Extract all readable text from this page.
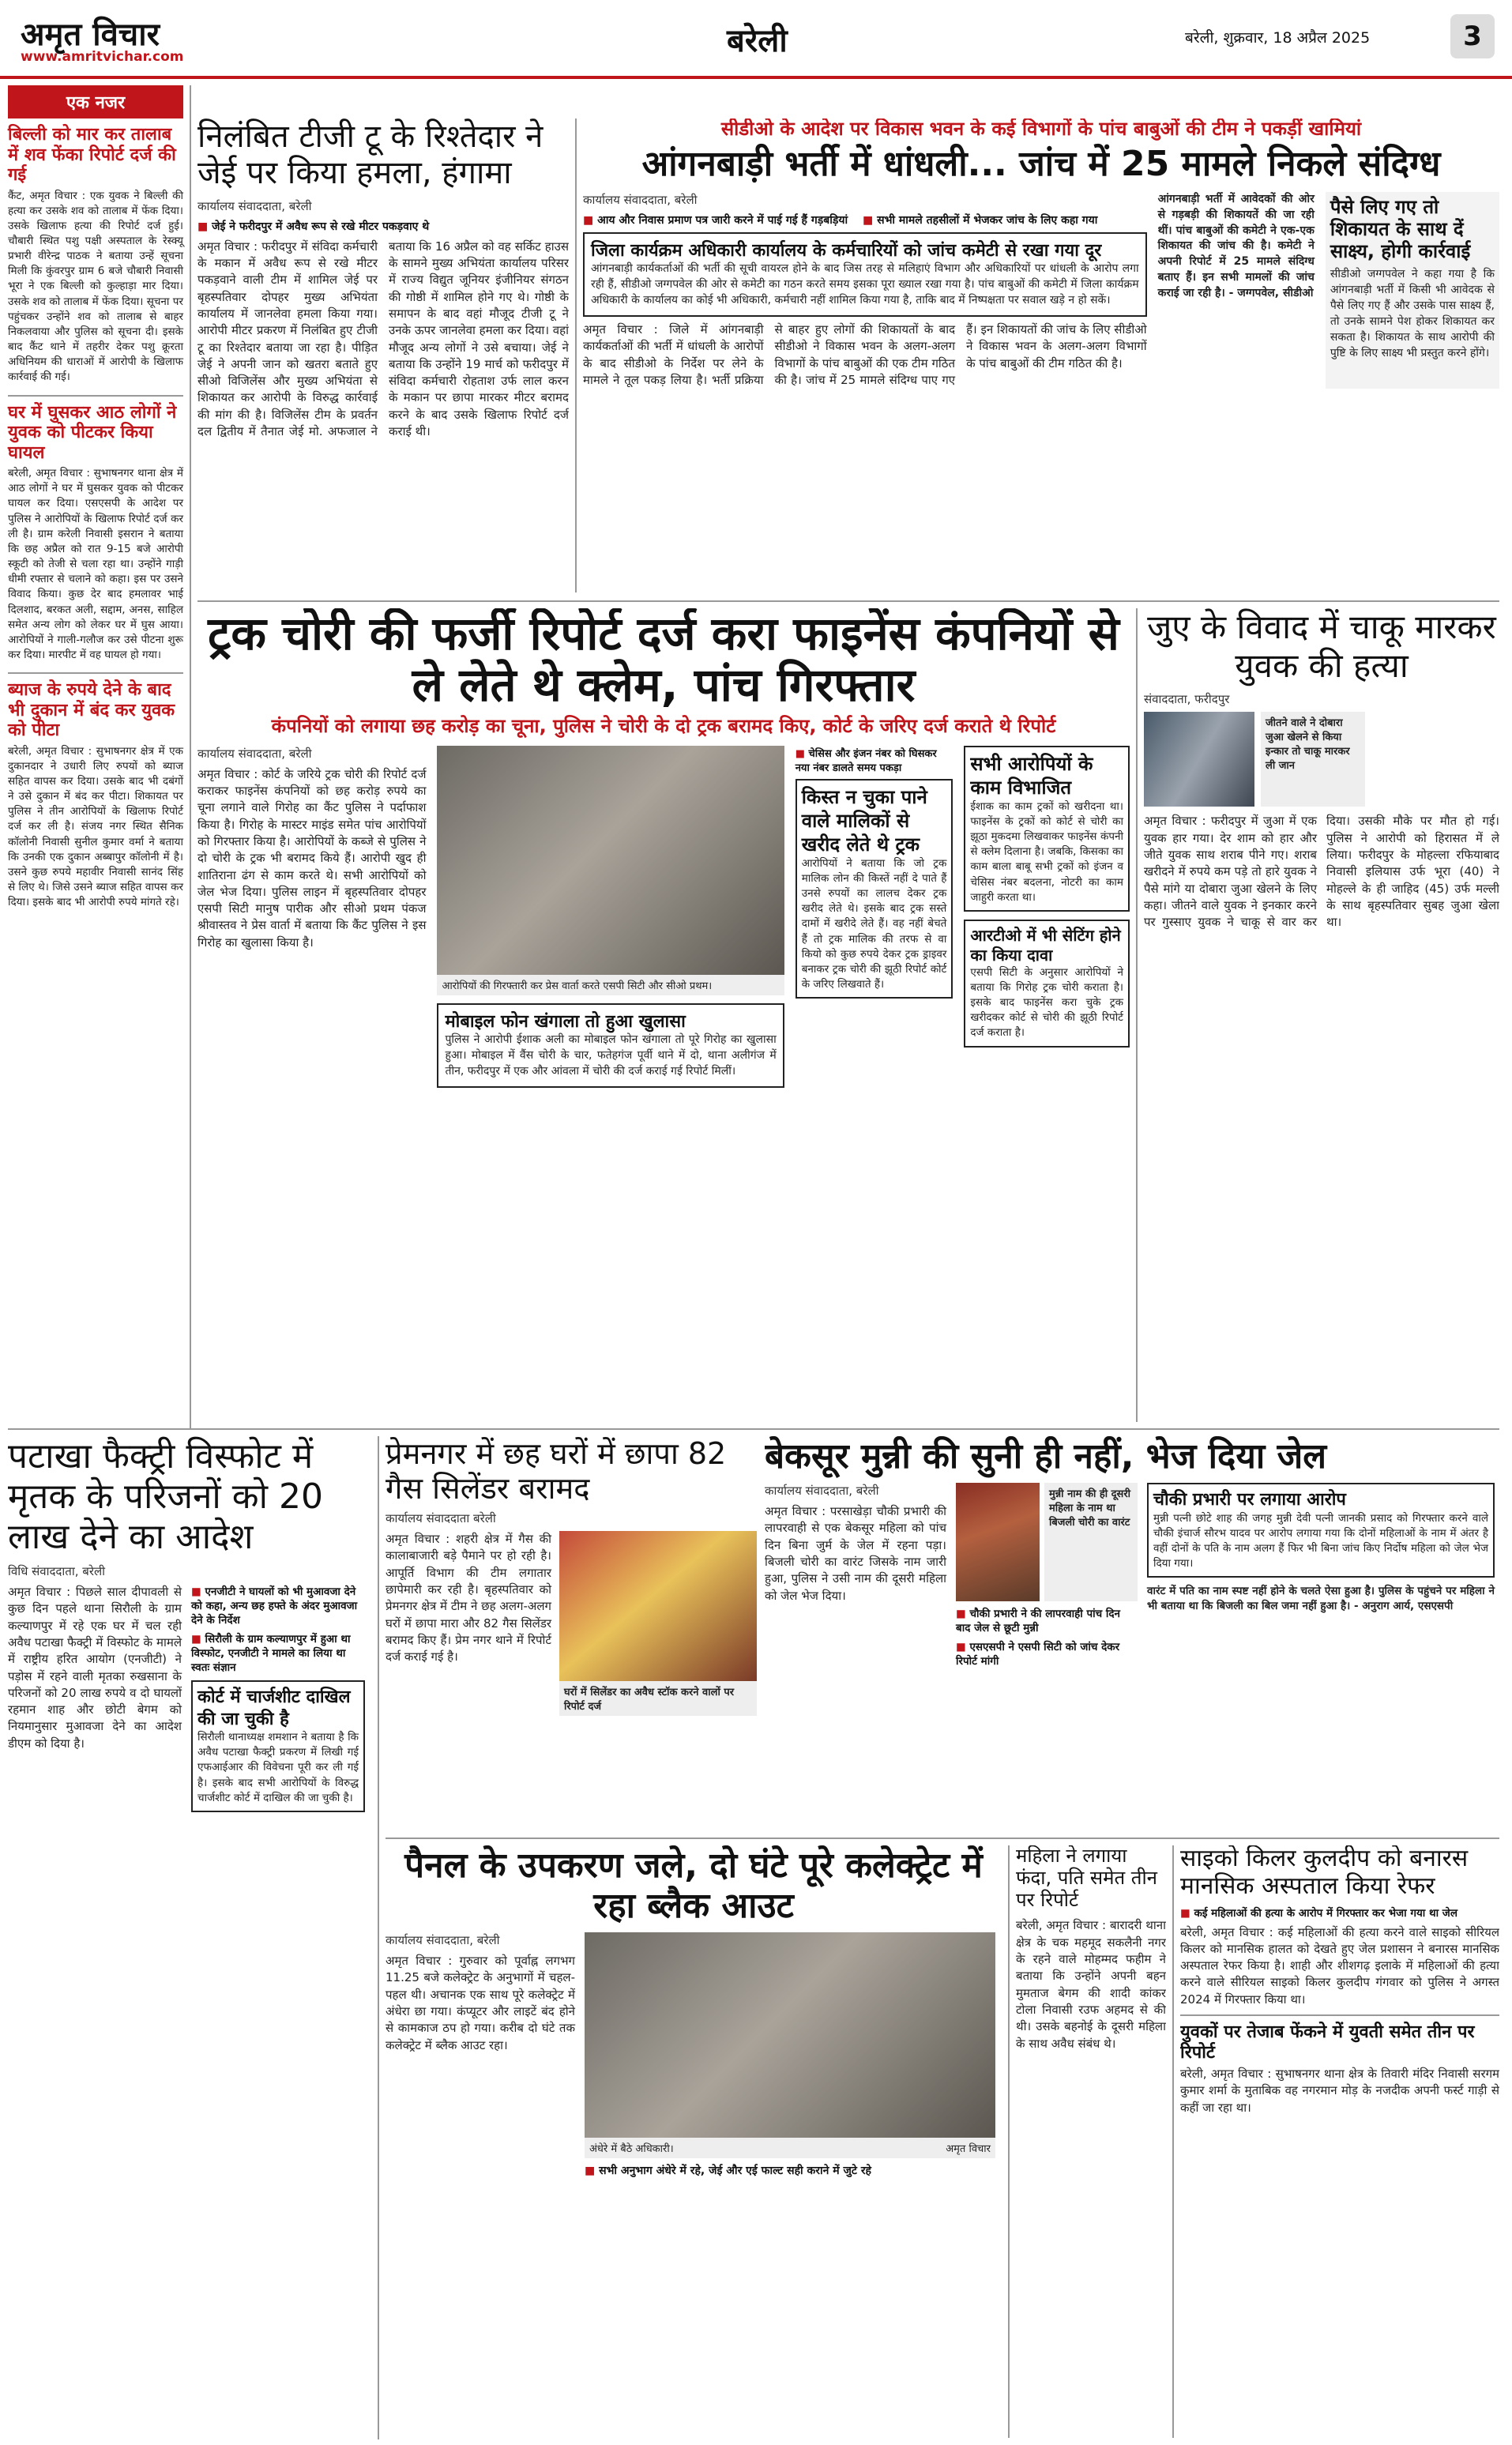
अमृत विचार
www.amritvichar.com	बरेली	बरेली, शुक्रवार, 18 अप्रैल 2025	3
एक नजर
बिल्ली को मार कर तालाब में शव फेंका रिपोर्ट दर्ज की गई
कैंट, अमृत विचार : एक युवक ने बिल्ली की हत्या कर उसके शव को तालाब में फेंक दिया। उसके खिलाफ हत्या की रिपोर्ट दर्ज हुई। चौबारी स्थित पशु पक्षी अस्पताल के रेस्क्यू प्रभारी वीरेन्द्र पाठक ने बताया उन्हें सूचना मिली कि कुंवरपुर ग्राम 6 बजे चौबारी निवासी भूरा ने एक बिल्ली को कुल्हाड़ा मार दिया। उसके शव को तालाब में फेंक दिया। सूचना पर पहुंचकर उन्होंने शव को तालाब से बाहर निकलवाया और पुलिस को सूचना दी। इसके बाद कैंट थाने में तहरीर देकर पशु क्रूरता अधिनियम की धाराओं में आरोपी के खिलाफ कार्रवाई की गई।
घर में घुसकर आठ लोगों ने युवक को पीटकर किया घायल
बरेली, अमृत विचार : सुभाषनगर थाना क्षेत्र में आठ लोगों ने घर में घुसकर युवक को पीटकर घायल कर दिया। एसएसपी के आदेश पर पुलिस ने आरोपियों के खिलाफ रिपोर्ट दर्ज कर ली है। ग्राम करेली निवासी इसरान ने बताया कि छह अप्रैल को रात 9-15 बजे आरोपी स्कूटी को तेजी से चला रहा था। उन्होंने गाड़ी धीमी रफ्तार से चलाने को कहा। इस पर उसने विवाद किया। कुछ देर बाद हमलावर भाई दिलशाद, बरकत अली, सद्दाम, अनस, साहिल समेत अन्य लोग को लेकर घर में घुस आया। आरोपियों ने गाली-गलौज कर उसे पीटना शुरू कर दिया। मारपीट में वह घायल हो गया।
ब्याज के रुपये देने के बाद भी दुकान में बंद कर युवक को पीटा
बरेली, अमृत विचार : सुभाषनगर क्षेत्र में एक दुकानदार ने उधारी लिए रुपयों को ब्याज सहित वापस कर दिया। उसके बाद भी दबंगों ने उसे दुकान में बंद कर पीटा। शिकायत पर पुलिस ने तीन आरोपियों के खिलाफ रिपोर्ट दर्ज कर ली है। संजय नगर स्थित सैनिक कॉलोनी निवासी सुनील कुमार वर्मा ने बताया कि उनकी एक दुकान अब्बापुर कॉलोनी में है। उसने कुछ रुपये महावीर निवासी सानंद सिंह से लिए थे। जिसे उसने ब्याज सहित वापस कर दिया। इसके बाद भी आरोपी रुपये मांगते रहे।
निलंबित टीजी टू के रिश्तेदार ने जेई पर किया हमला, हंगामा
कार्यालय संवाददाता, बरेली
■ जेई ने फरीदपुर में अवैध रूप से रखे मीटर पकड़वाए थे
अमृत विचार : फरीदपुर में संविदा कर्मचारी के मकान में अवैध रूप से रखे मीटर पकड़वाने वाली टीम में शामिल जेई पर बृहस्पतिवार दोपहर मुख्य अभियंता कार्यालय में जानलेवा हमला किया गया। आरोपी मीटर प्रकरण में निलंबित हुए टीजी टू का रिश्तेदार बताया जा रहा है। पीड़ित जेई ने अपनी जान को खतरा बताते हुए सीओ विजिलेंस और मुख्य अभियंता से शिकायत कर आरोपी के विरुद्ध कार्रवाई की मांग की है। विजिलेंस टीम के प्रवर्तन दल द्वितीय में तैनात जेई मो. अफजाल ने बताया कि 16 अप्रैल को वह सर्किट हाउस के सामने मुख्य अभियंता कार्यालय परिसर में राज्य विद्युत जूनियर इंजीनियर संगठन की गोष्ठी में शामिल होने गए थे। गोष्ठी के समापन के बाद वहां मौजूद टीजी टू ने उनके ऊपर जानलेवा हमला कर दिया। वहां मौजूद अन्य लोगों ने उसे बचाया। जेई ने बताया कि उन्होंने 19 मार्च को फरीदपुर में संविदा कर्मचारी रोहताश उर्फ लाल करन के मकान पर छापा मारकर मीटर बरामद करने के बाद उसके खिलाफ रिपोर्ट दर्ज कराई थी।
सीडीओ के आदेश पर विकास भवन के कई विभागों के पांच बाबुओं की टीम ने पकड़ीं खामियां
आंगनबाड़ी भर्ती में धांधली... जांच में 25 मामले निकले संदिग्ध
कार्यालय संवाददाता, बरेली
■ आय और निवास प्रमाण पत्र जारी करने में पाई गई हैं गड़बड़ियां
■	सभी मामले तहसीलों में भेजकर जांच के लिए कहा गया
जिला कार्यक्रम अधिकारी कार्यालय के कर्मचारियों को जांच कमेटी से रखा गया दूर
आंगनबाड़ी कार्यकर्ताओं की भर्ती की सूची वायरल होने के बाद जिस तरह से मलिहाएं विभाग और अधिकारियों पर धांधली के आरोप लगा रही हैं, सीडीओ जग्गपवेल की ओर से कमेटी का गठन करते समय इसका पूरा ख्याल रखा गया है। पांच बाबुओं की कमेटी में जिला कार्यक्रम अधिकारी के कार्यालय का कोई भी अधिकारी, कर्मचारी नहीं शामिल किया गया है, ताकि बाद में निष्पक्षता पर सवाल खड़े न हो सकें।
अमृत विचार : जिले में आंगनबाड़ी कार्यकर्ताओं की भर्ती में धांधली के आरोपों के बाद सीडीओ के निर्देश पर लेने के मामले ने तूल पकड़ लिया है। भर्ती प्रक्रिया से बाहर हुए लोगों की शिकायतों के बाद सीडीओ ने विकास भवन के अलग-अलग विभागों के पांच बाबुओं की एक टीम गठित की है। जांच में 25 मामले संदिग्ध पाए गए हैं। इन शिकायतों की जांच के लिए सीडीओ ने विकास भवन के अलग-अलग विभागों के पांच बाबुओं की टीम गठित की है।
आंगनबाड़ी भर्ती में आवेदकों की ओर से गड़बड़ी की शिकायतें की जा रही थीं। पांच बाबुओं की कमेटी ने एक-एक शिकायत की जांच की है। कमेटी ने अपनी रिपोर्ट में 25 मामले संदिग्ध बताए हैं। इन सभी मामलों की जांच कराई जा रही है। - जग्गपवेल, सीडीओ
पैसे लिए गए तो शिकायत के साथ दें साक्ष्य, होगी कार्रवाई
सीडीओ जग्गपवेल ने कहा गया है कि आंगनबाड़ी भर्ती में किसी भी आवेदक से पैसे लिए गए हैं और उसके पास साक्ष्य हैं, तो उनके सामने पेश होकर शिकायत कर सकता है। शिकायत के साथ आरोपी की पुष्टि के लिए साक्ष्य भी प्रस्तुत करने होंगे।
ट्रक चोरी की फर्जी रिपोर्ट दर्ज करा फाइनेंस कंपनियों से ले लेते थे क्लेम, पांच गिरफ्तार
कंपनियों को लगाया छह करोड़ का चूना, पुलिस ने चोरी के दो ट्रक बरामद किए, कोर्ट के जरिए दर्ज कराते थे रिपोर्ट
कार्यालय संवाददाता, बरेली
अमृत विचार : कोर्ट के जरिये ट्रक चोरी की रिपोर्ट दर्ज कराकर फाइनेंस कंपनियों को छह करोड़ रुपये का चूना लगाने वाले गिरोह का कैंट पुलिस ने पर्दाफाश किया है। गिरोह के मास्टर माइंड समेत पांच आरोपियों को गिरफ्तार किया है। आरोपियों के कब्जे से पुलिस ने दो चोरी के ट्रक भी बरामद किये हैं। आरोपी खुद ही शातिराना ढंग से काम करते थे। सभी आरोपियों को जेल भेज दिया। पुलिस लाइन में बृहस्पतिवार दोपहर एसपी सिटी मानुष पारीक और सीओ प्रथम पंकज श्रीवास्तव ने प्रेस वार्ता में बताया कि कैंट पुलिस ने इस गिरोह का खुलासा किया है।
आरोपियों की गिरफ्तारी कर प्रेस वार्ता करते एसपी सिटी और सीओ प्रथम।
मोबाइल फोन खंगाला तो हुआ खुलासा
पुलिस ने आरोपी ईशाक अली का मोबाइल फोन खंगाला तो पूरे गिरोह का खुलासा हुआ। मोबाइल में वैंस चोरी के चार, फतेहगंज पूर्वी थाने में दो, थाना अलीगंज में तीन, फरीदपुर में एक और आंवला में चोरी की दर्ज कराई गई रिपोर्ट मिलीं।
■ चेसिस और इंजन नंबर को घिसकर नया नंबर डालते समय पकड़ा
किस्त न चुका पाने वाले मालिकों से खरीद लेते थे ट्रक
आरोपियों ने बताया कि जो ट्रक मालिक लोन की किस्तें नहीं दे पाते हैं उनसे रुपयों का लालच देकर ट्रक खरीद लेते थे। इसके बाद ट्रक सस्ते दामों में खरीदे लेते हैं। वह नहीं बेचते हैं तो ट्रक मालिक की तरफ से वा कियो को कुछ रुपये देकर ट्रक ड्राइवर बनाकर ट्रक चोरी की झूठी रिपोर्ट कोर्ट के जरिए लिखवाते हैं।
सभी आरोपियों के काम विभाजित
ईशाक का काम ट्रकों को खरीदना था। फाइनेंस के ट्रकों को कोर्ट से चोरी का झूठा मुकदमा लिखवाकर फाइनेंस कंपनी से क्लेम दिलाना है। जबकि, किसका का काम बाला बाबू सभी ट्रकों को इंजन व चेसिस नंबर बदलना, नोटरी का काम जाहुरी करता था।
आरटीओ में भी सेटिंग होने का किया दावा
एसपी सिटी के अनुसार आरोपियों ने बताया कि गिरोह ट्रक चोरी कराता है। इसके बाद फाइनेंस करा चुके ट्रक खरीदकर कोर्ट से चोरी की झूठी रिपोर्ट दर्ज कराता है।
जुए के विवाद में चाकू मारकर युवक की हत्या
संवाददाता, फरीदपुर
जीतने वाले ने दोबारा जुआ खेलने से किया इन्कार तो चाकू मारकर ली जान
अमृत विचार : फरीदपुर में जुआ में एक युवक हार गया। देर शाम को हार और जीते युवक साथ शराब पीने गए। शराब खरीदने में रुपये कम पड़े तो हारे युवक ने पैसे मांगे या दोबारा जुआ खेलने के लिए कहा। जीतने वाले युवक ने इनकार करने पर गुस्साए युवक ने चाकू से वार कर दिया। उसकी मौके पर मौत हो गई। पुलिस ने आरोपी को हिरासत में ले लिया। फरीदपुर के मोहल्ला रफियाबाद निवासी इलियास उर्फ भूरा (40) ने मोहल्ले के ही जाहिद (45) उर्फ मल्ली के साथ बृहस्पतिवार सुबह जुआ खेला था।
पटाखा फैक्ट्री विस्फोट में मृतक के परिजनों को 20 लाख देने का आदेश
विधि संवाददाता, बरेली
अमृत विचार : पिछले साल दीपावली से कुछ दिन पहले थाना सिरौली के ग्राम कल्याणपुर में रहे एक घर में चल रही अवैध पटाखा फैक्ट्री में विस्फोट के मामले में राष्ट्रीय हरित आयोग (एनजीटी) ने पड़ोस में रहने वाली मृतका रुखसाना के परिजनों को 20 लाख रुपये व दो घायलों रहमान शाह और छोटी बेगम को नियमानुसार मुआवजा देने का आदेश डीएम को दिया है।
■ एनजीटी ने घायलों को भी मुआवजा देने को कहा, अन्य छह हफ्ते के अंदर मुआवजा देने के निर्देश
■ सिरौली के ग्राम कल्याणपुर में हुआ था विस्फोट, एनजीटी ने मामले का लिया था स्वतः संज्ञान
कोर्ट में चार्जशीट दाखिल की जा चुकी है
सिरौली थानाध्यक्ष शमशान ने बताया है कि अवैध पटाखा फैक्ट्री प्रकरण में लिखी गई एफआईआर की विवेचना पूरी कर ली गई है। इसके बाद सभी आरोपियों के विरुद्ध चार्जशीट कोर्ट में दाखिल की जा चुकी है।
प्रेमनगर में छह घरों में छापा 82 गैस सिलेंडर बरामद
कार्यालय संवाददाता बरेली
अमृत विचार : शहरी क्षेत्र में गैस की कालाबाजारी बड़े पैमाने पर हो रही है। आपूर्ति विभाग की टीम लगातार छापेमारी कर रही है। बृहस्पतिवार को प्रेमनगर क्षेत्र में टीम ने छह अलग-अलग घरों में छापा मारा और 82 गैस सिलेंडर बरामद किए हैं। प्रेम नगर थाने में रिपोर्ट दर्ज कराई गई है।
घरों में सिलेंडर का अवैध स्टॉक करने वालों पर रिपोर्ट दर्ज
बेकसूर मुन्नी की सुनी ही नहीं, भेज दिया जेल
कार्यालय संवाददाता, बरेली
अमृत विचार : परसाखेड़ा चौकी प्रभारी की लापरवाही से एक बेकसूर महिला को पांच दिन बिना जुर्म के जेल में रहना पड़ा। बिजली चोरी का वारंट जिसके नाम जारी हुआ, पुलिस ने उसी नाम की दूसरी महिला को जेल भेज दिया।
मुन्नी नाम की ही दूसरी महिला के नाम था बिजली चोरी का वारंट
■ चौकी प्रभारी ने की लापरवाही पांच दिन बाद जेल से छूटी मुन्नी
■ एसएसपी ने एसपी सिटी को जांच देकर रिपोर्ट मांगी
चौकी प्रभारी पर लगाया आरोप
मुन्नी पत्नी छोटे शाह की जगह मुन्नी देवी पत्नी जानकी प्रसाद को गिरफ्तार करने वाले चौकी इंचार्ज सौरभ यादव पर आरोप लगाया गया कि दोनों महिलाओं के नाम में अंतर है वहीं दोनों के पति के नाम अलग हैं फिर भी बिना जांच किए निर्दोष महिला को जेल भेज दिया गया।
वारंट में पति का नाम स्पष्ट नहीं होने के चलते ऐसा हुआ है। पुलिस के पहुंचने पर महिला ने भी बताया था कि बिजली का बिल जमा नहीं हुआ है। - अनुराग आर्य, एसएसपी
पैनल के उपकरण जले, दो घंटे पूरे कलेक्ट्रेट में रहा ब्लैक आउट
कार्यालय संवाददाता, बरेली
अमृत विचार : गुरुवार को पूर्वाह्न लगभग 11.25 बजे कलेक्ट्रेट के अनुभागों में चहल-पहल थी। अचानक एक साथ पूरे कलेक्ट्रेट में अंधेरा छा गया। कंप्यूटर और लाइटें बंद होने से कामकाज ठप हो गया। करीब दो घंटे तक कलेक्ट्रेट में ब्लैक आउट रहा।
अंधेरे में बैठे अधिकारी।	अमृत विचार
■ सभी अनुभाग अंधेरे में रहे, जेई और एई फाल्ट सही कराने में जुटे रहे
महिला ने लगाया फंदा, पति समेत तीन पर रिपोर्ट
बरेली, अमृत विचार : बारादरी थाना क्षेत्र के चक महमूद सकलैनी नगर के रहने वाले मोहम्मद फहीम ने बताया कि उन्होंने अपनी बहन मुमताज बेगम की शादी कांकर टोला निवासी रउफ अहमद से की थी। उसके बहनोई के दूसरी महिला के साथ अवैध संबंध थे।
साइको किलर कुलदीप को बनारस मानसिक अस्पताल किया रेफर
■ कई महिलाओं की हत्या के आरोप में गिरफ्तार कर भेजा गया था जेल
बरेली, अमृत विचार : कई महिलाओं की हत्या करने वाले साइको सीरियल किलर को मानसिक हालत को देखते हुए जेल प्रशासन ने बनारस मानसिक अस्पताल रेफर किया है। शाही और शीशगढ़ इलाके में महिलाओं की हत्या करने वाले सीरियल साइको किलर कुलदीप गंगवार को पुलिस ने अगस्त 2024 में गिरफ्तार किया था।
युवकों पर तेजाब फेंकने में युवती समेत तीन पर रिपोर्ट
बरेली, अमृत विचार : सुभाषनगर थाना क्षेत्र के तिवारी मंदिर निवासी सरगम कुमार शर्मा के मुताबिक वह नगरमान मोड़ के नजदीक अपनी फर्स्ट गाड़ी से कहीं जा रहा था।
